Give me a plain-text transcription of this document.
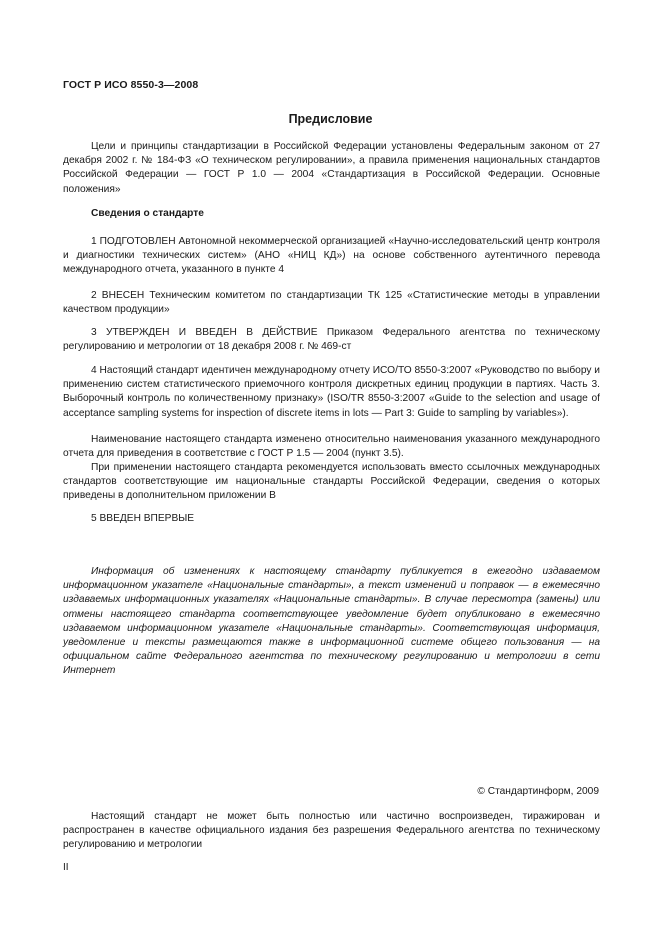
ГОСТ Р ИСО 8550-3—2008
Предисловие

Цели и принципы стандартизации в Российской Федерации установлены Федеральным законом от 27 декабря 2002 г. № 184-ФЗ «О техническом регулировании», а правила применения национальных стандартов Российской Федерации — ГОСТ Р 1.0 — 2004 «Стандартизация в Российской Федерации. Основные положения»

Сведения о стандарте

1 ПОДГОТОВЛЕН Автономной некоммерческой организацией «Научно-исследовательский центр контроля и диагностики технических систем» (АНО «НИЦ КД») на основе собственного аутентичного перевода международного отчета, указанного в пункте 4

2 ВНЕСЕН Техническим комитетом по стандартизации ТК 125 «Статистические методы в управлении качеством продукции»

3 УТВЕРЖДЕН И ВВЕДЕН В ДЕЙСТВИЕ Приказом Федерального агентства по техническому регулированию и метрологии от 18 декабря 2008 г. № 469-ст

4 Настоящий стандарт идентичен международному отчету ИСО/ТО 8550-3:2007 «Руководство по выбору и применению систем статистического приемочного контроля дискретных единиц продукции в партиях. Часть 3. Выборочный контроль по количественному признаку» (ISO/TR 8550-3:2007 «Guide to the selection and usage of acceptance sampling systems for inspection of discrete items in lots — Part 3: Guide to sampling by variables»).

Наименование настоящего стандарта изменено относительно наименования указанного международного отчета для приведения в соответствие с ГОСТ Р 1.5 — 2004 (пункт 3.5).

При применении настоящего стандарта рекомендуется использовать вместо ссылочных международных стандартов соответствующие им национальные стандарты Российской Федерации, сведения о которых приведены в дополнительном приложении В

5 ВВЕДЕН ВПЕРВЫЕ

Информация об изменениях к настоящему стандарту публикуется в ежегодно издаваемом информационном указателе «Национальные стандарты», а текст изменений и поправок — в ежемесячно издаваемых информационных указателях «Национальные стандарты». В случае пересмотра (замены) или отмены настоящего стандарта соответствующее уведомление будет опубликовано в ежемесячно издаваемом информационном указателе «Национальные стандарты». Соответствующая информация, уведомление и тексты размещаются также в информационной системе общего пользования — на официальном сайте Федерального агентства по техническому регулированию и метрологии в сети Интернет

© Стандартинформ, 2009

Настоящий стандарт не может быть полностью или частично воспроизведен, тиражирован и распространен в качестве официального издания без разрешения Федерального агентства по техническому регулированию и метрологии

II
